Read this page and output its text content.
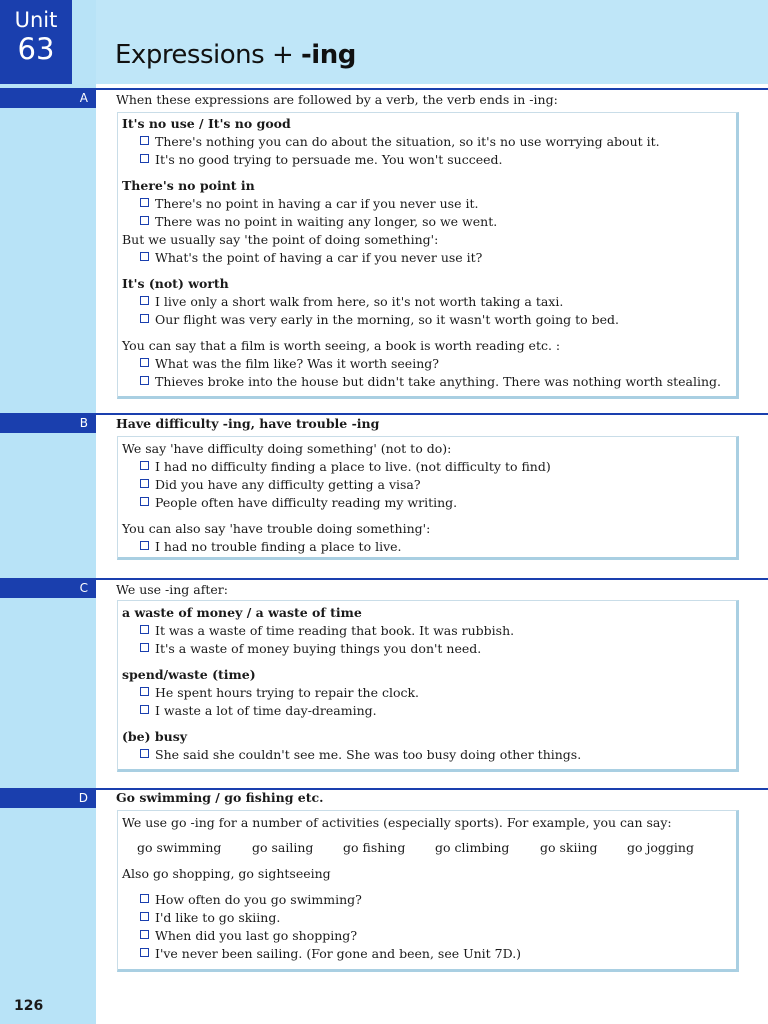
Unit
63	Expressions + -ing
A	When these expressions are followed by a verb, the verb ends in -ing:
It's no use / It's no good
There's nothing you can do about the situation, so it's no use worrying about it.
It's no good trying to persuade me. You won't succeed.
There's no point in
There's no point in having a car if you never use it.
There was no point in waiting any longer, so we went.
But we usually say 'the point of doing something':
What's the point of having a car if you never use it?
It's (not) worth
I live only a short walk from here, so it's not worth taking a taxi.
Our flight was very early in the morning, so it wasn't worth going to bed.
You can say that a film is worth seeing, a book is worth reading etc. :
What was the film like? Was it worth seeing?
Thieves broke into the house but didn't take anything. There was nothing worth stealing.
B	Have difficulty -ing, have trouble -ing
We say 'have difficulty doing something' (not to do):
I had no difficulty finding a place to live. (not difficulty to find)
Did you have any difficulty getting a visa?
People often have difficulty reading my writing.
You can also say 'have trouble doing something':
I had no trouble finding a place to live.
C	We use -ing after:
a waste of money / a waste of time
It was a waste of time reading that book. It was rubbish.
It's a waste of money buying things you don't need.
spend/waste (time)
He spent hours trying to repair the clock.
I waste a lot of time day-dreaming.
(be) busy
She said she couldn't see me. She was too busy doing other things.
D	Go swimming / go fishing etc.
We use go -ing for a number of activities (especially sports). For example, you can say:
go swimming go sailing go fishing go climbing go skiing go jogging
Also go shopping, go sightseeing
How often do you go swimming?
I'd like to go skiing.
When did you last go shopping?
I've never been sailing. (For gone and been, see Unit 7D.)
126
